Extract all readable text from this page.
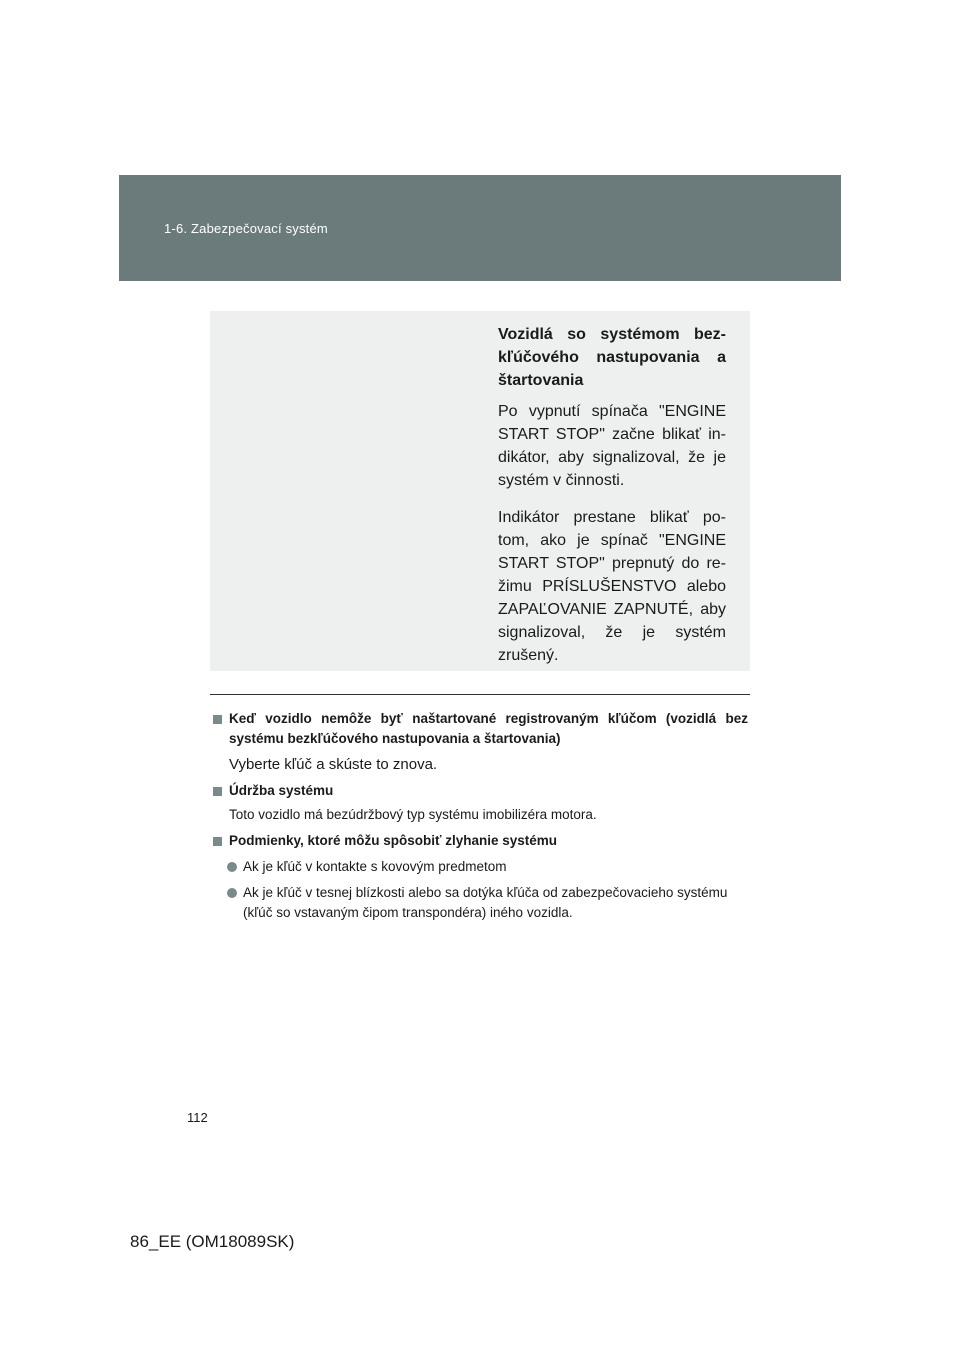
1-6. Zabezpečovací systém

Vozidlá so systémom bez-kľúčového nastupovania a štartovania

Po vypnutí spínača "ENGINE START STOP" začne blikať in-dikátor, aby signalizoval, že je systém v činnosti.

Indikátor prestane blikať po-tom, ako je spínač "ENGINE START STOP" prepnutý do re-žimu PRÍSLUŠENSTVO alebo ZAPAĽOVANIE ZAPNUTÉ, aby signalizoval, že je systém zrušený.

Keď vozidlo nemôže byť naštartované registrovaným kľúčom (vozidlá bez systému bezkľúčového nastupovania a štartovania)

Vyberte kľúč a skúste to znova.

Údržba systému

Toto vozidlo má bezúdržbový typ systému imobilizéra motora.

Podmienky, ktoré môžu spôsobiť zlyhanie systému
Ak je kľúč v kontakte s kovovým predmetom
Ak je kľúč v tesnej blízkosti alebo sa dotýka kľúča od zabezpečovacieho systému (kľúč so vstavaným čipom transpondéra) iného vozidla.
112
86_EE (OM18089SK)
